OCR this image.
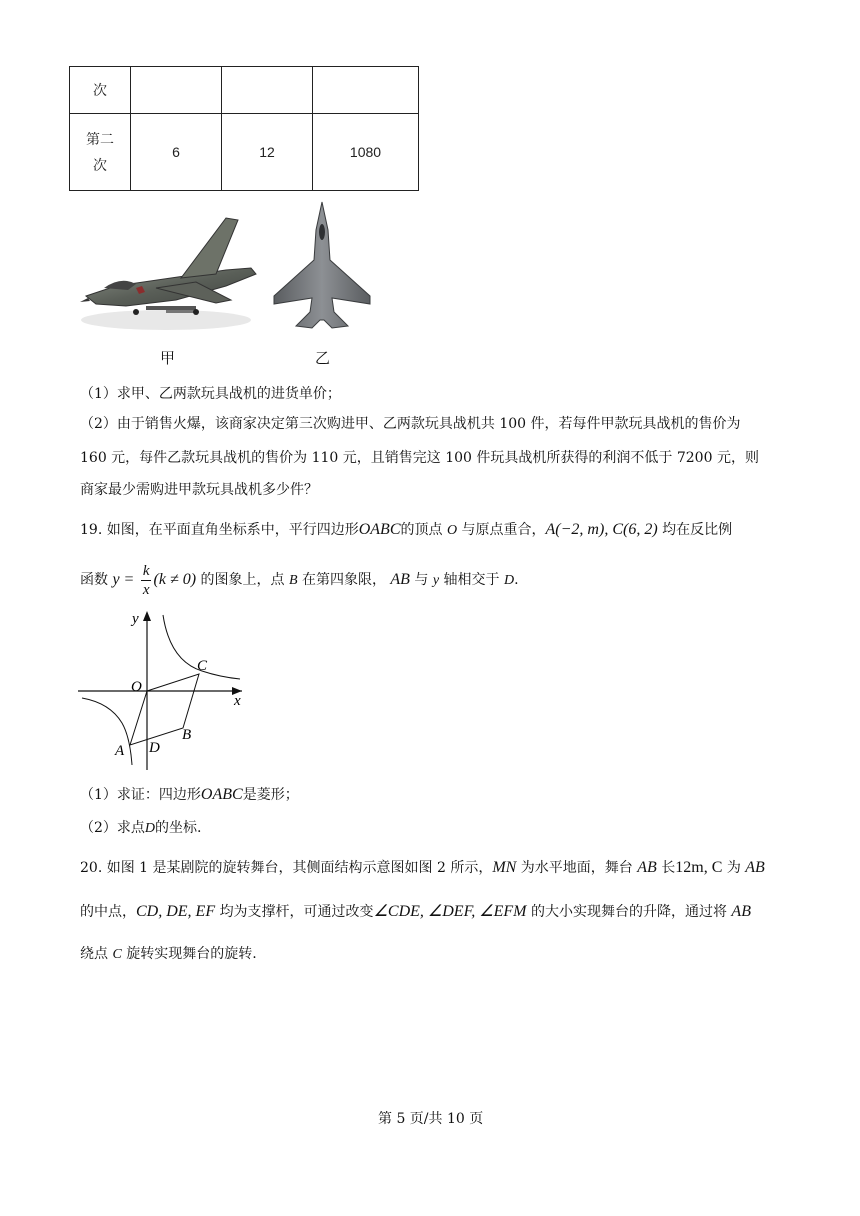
次			
第二次	6	12	1080
甲	乙
（1）求甲、乙两款玩具战机的进货单价；
（2）由于销售火爆，该商家决定第三次购进甲、乙两款玩具战机共 100 件，若每件甲款玩具战机的售价为
160 元，每件乙款玩具战机的售价为 110 元，且销售完这 100 件玩具战机所获得的利润不低于 7200 元，则
商家最少需购进甲款玩具战机多少件？
19. 如图，在平面直角坐标系中，平行四边形OABC的顶点 O 与原点重合，A(−2, m), C(6, 2) 均在反比例
函数 $y = \frac{k}{x} (k \ne 0)$ 的图象上，点 B 在第四象限， AB 与 y 轴相交于 D.
y
x
O
C
B
A D
（1）求证：四边形OABC是菱形；
（2）求点D的坐标.
20. 如图 1 是某剧院的旋转舞台，其侧面结构示意图如图 2 所示，MN 为水平地面，舞台 AB 长12m, C 为 AB
的中点，CD, DE, EF 均为支撑杆，可通过改变∠CDE, ∠DEF, ∠EFM 的大小实现舞台的升降，通过将 AB
绕点 C 旋转实现舞台的旋转.
第 5 页/共 10 页
